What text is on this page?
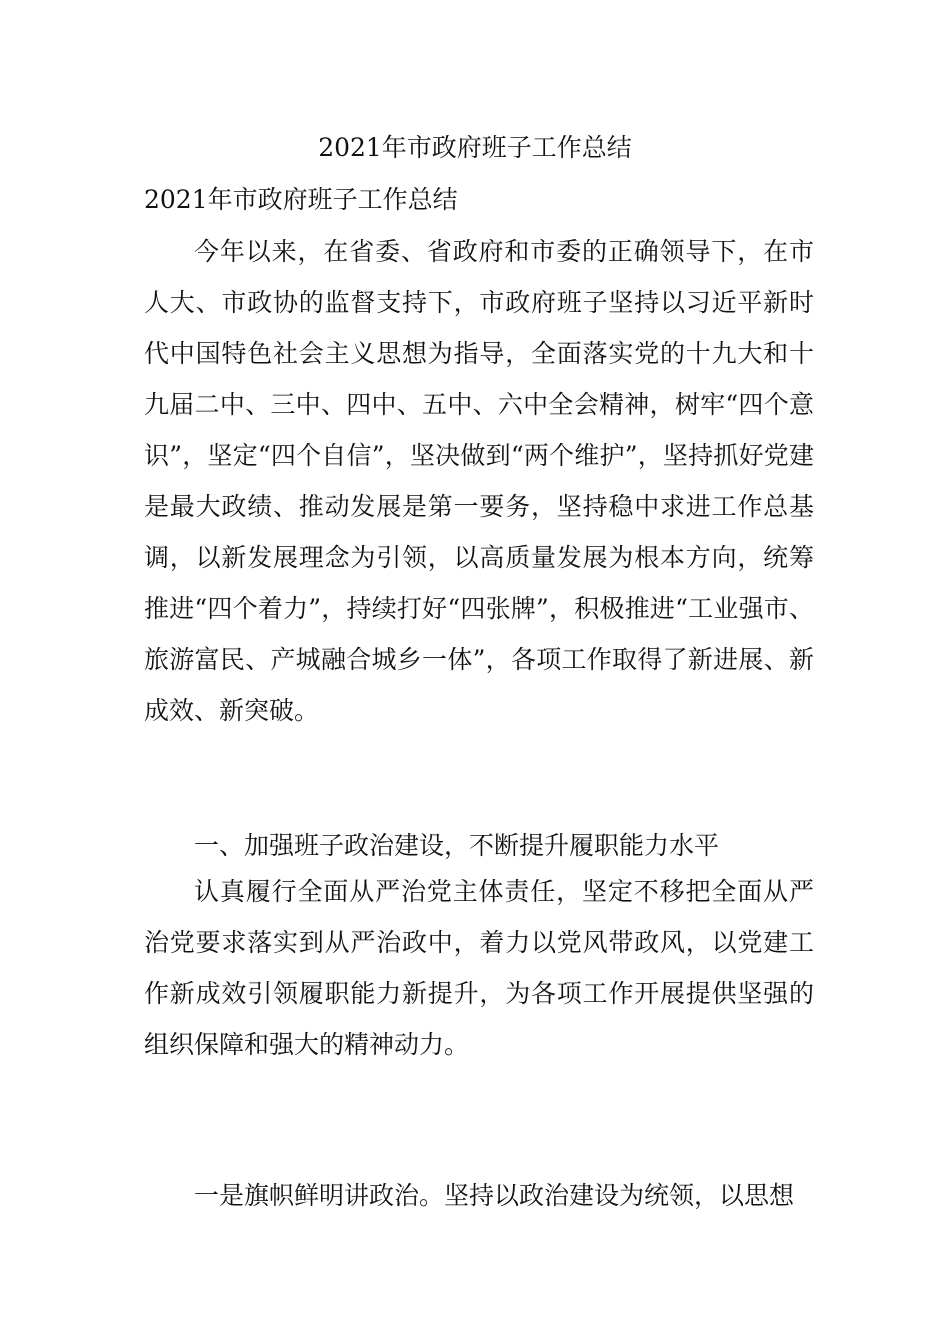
2021年市政府班子工作总结
2021年市政府班子工作总结

今年以来，在省委、省政府和市委的正确领导下，在市人大、市政协的监督支持下，市政府班子坚持以习近平新时代中国特色社会主义思想为指导，全面落实党的十九大和十九届二中、三中、四中、五中、六中全会精神，树牢“四个意识”，坚定“四个自信”，坚决做到“两个维护”，坚持抓好党建是最大政绩、推动发展是第一要务，坚持稳中求进工作总基调，以新发展理念为引领，以高质量发展为根本方向，统筹推进“四个着力”，持续打好“四张牌”，积极推进“工业强市、旅游富民、产城融合城乡一体”，各项工作取得了新进展、新成效、新突破。

一、加强班子政治建设，不断提升履职能力水平

认真履行全面从严治党主体责任，坚定不移把全面从严治党要求落实到从严治政中，着力以党风带政风，以党建工作新成效引领履职能力新提升，为各项工作开展提供坚强的组织保障和强大的精神动力。

一是旗帜鲜明讲政治。坚持以政治建设为统领，以思想
